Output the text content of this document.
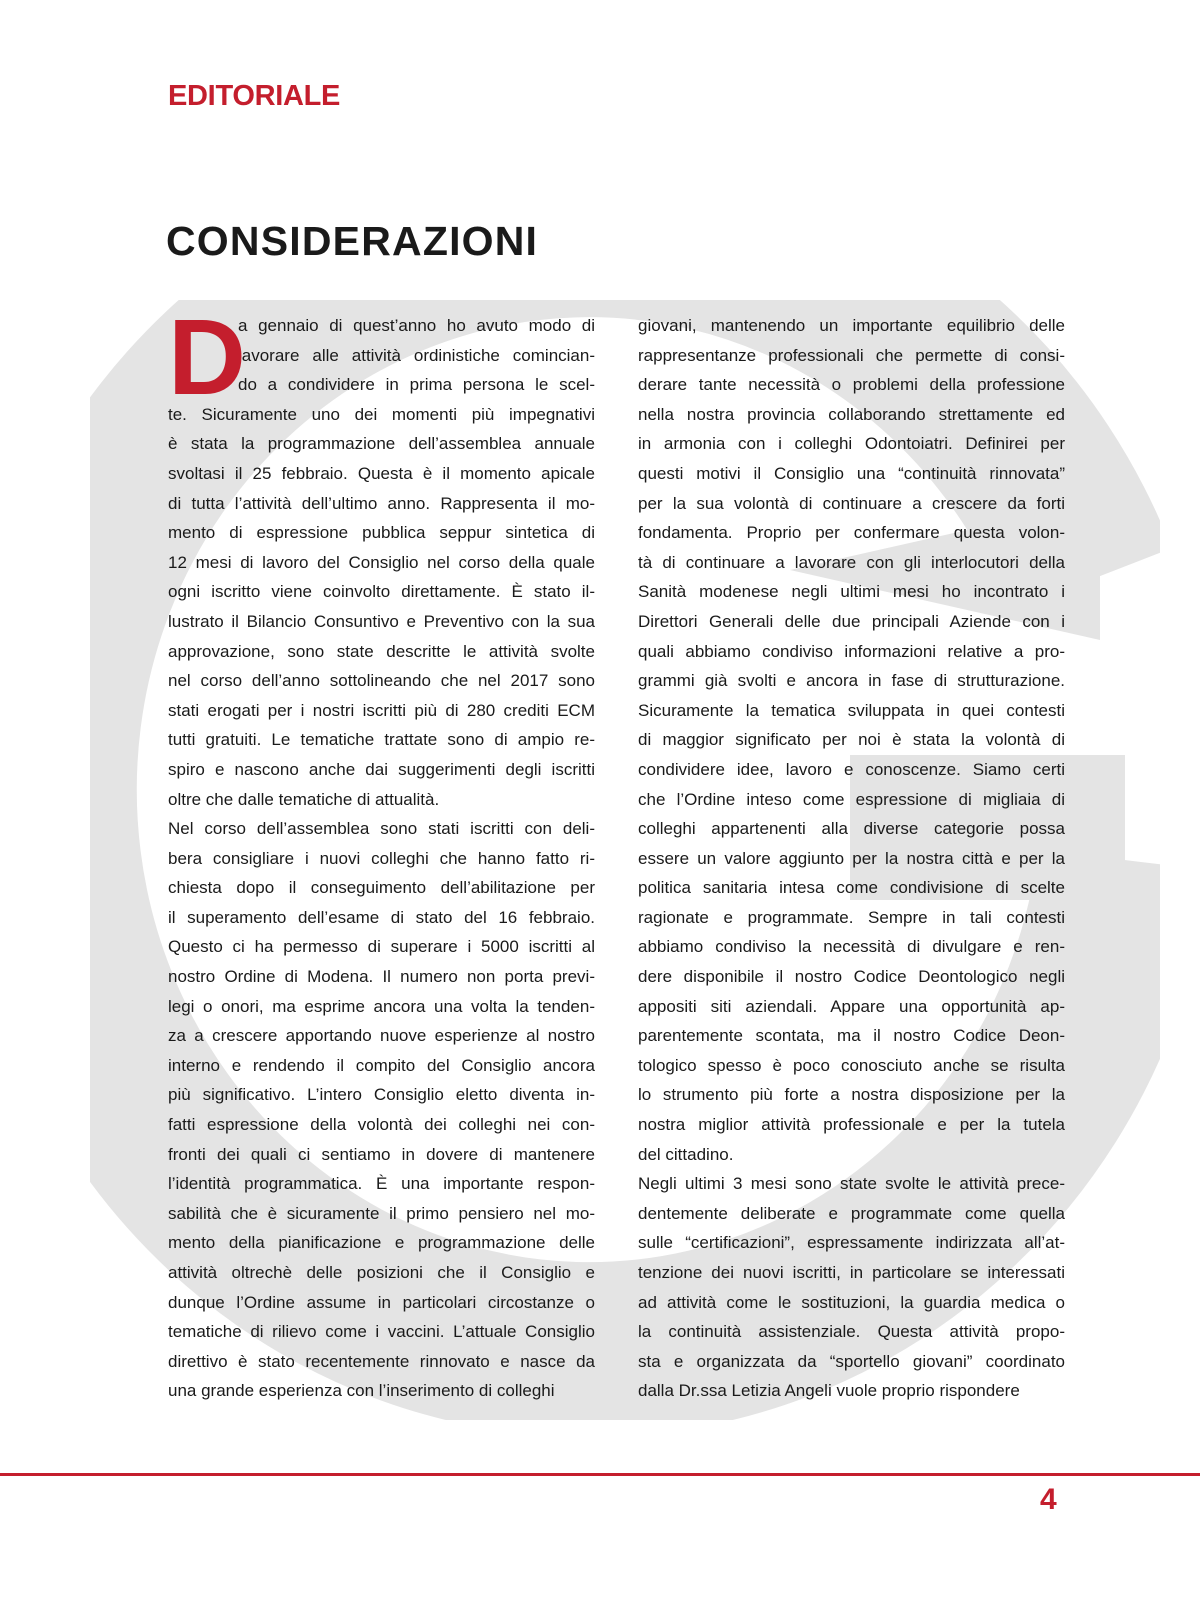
EDITORIALE
CONSIDERAZIONI
D
a gennaio di quest’anno ho avuto modo di
lavorare alle attività ordinistiche comincian-
do a condividere in prima persona le scel-
te. Sicuramente uno dei momenti più impegnativi
è stata la programmazione dell’assemblea annuale
svoltasi il 25 febbraio. Questa è il momento apicale
di tutta l’attività dell’ultimo anno. Rappresenta il mo-
mento di espressione pubblica seppur sintetica di
12 mesi di lavoro del Consiglio nel corso della quale
ogni iscritto viene coinvolto direttamente. È stato il-
lustrato il Bilancio Consuntivo e Preventivo con la sua
approvazione, sono state descritte le attività svolte
nel corso dell’anno sottolineando che nel 2017 sono
stati erogati per i nostri iscritti più di 280 crediti ECM
tutti gratuiti. Le tematiche trattate sono di ampio re-
spiro e nascono anche dai suggerimenti degli iscritti
oltre che dalle tematiche di attualità.
Nel corso dell’assemblea sono stati iscritti con deli-
bera consigliare i nuovi colleghi che hanno fatto ri-
chiesta dopo il conseguimento dell’abilitazione per
il superamento dell’esame di stato del 16 febbraio.
Questo ci ha permesso di superare i 5000 iscritti al
nostro Ordine di Modena. Il numero non porta previ-
legi o onori, ma esprime ancora una volta la tenden-
za a crescere apportando nuove esperienze al nostro
interno e rendendo il compito del Consiglio ancora
più significativo. L’intero Consiglio eletto diventa in-
fatti espressione della volontà dei colleghi nei con-
fronti dei quali ci sentiamo in dovere di mantenere
l’identità programmatica. È una importante respon-
sabilità che è sicuramente il primo pensiero nel mo-
mento della pianificazione e programmazione delle
attività oltrechè delle posizioni che il Consiglio e
dunque l’Ordine assume in particolari circostanze o
tematiche di rilievo come i vaccini. L’attuale Consiglio
direttivo è stato recentemente rinnovato e nasce da
una grande esperienza con l’inserimento di colleghi
giovani, mantenendo un importante equilibrio delle
rappresentanze professionali che permette di consi-
derare tante necessità o problemi della professione
nella nostra provincia collaborando strettamente ed
in armonia con i colleghi Odontoiatri. Definirei per
questi motivi il Consiglio una “continuità rinnovata”
per la sua volontà di continuare a crescere da forti
fondamenta. Proprio per confermare questa volon-
tà di continuare a lavorare con gli interlocutori della
Sanità modenese negli ultimi mesi ho incontrato i
Direttori Generali delle due principali Aziende con i
quali abbiamo condiviso informazioni relative a pro-
grammi già svolti e ancora in fase di strutturazione.
Sicuramente la tematica sviluppata in quei contesti
di maggior significato per noi è stata la volontà di
condividere idee, lavoro e conoscenze. Siamo certi
che l’Ordine inteso come espressione di migliaia di
colleghi appartenenti alla diverse categorie possa
essere un valore aggiunto per la nostra città e per la
politica sanitaria intesa come condivisione di scelte
ragionate e programmate. Sempre in tali contesti
abbiamo condiviso la necessità di divulgare e ren-
dere disponibile il nostro Codice Deontologico negli
appositi siti aziendali. Appare una opportunità ap-
parentemente scontata, ma il nostro Codice Deon-
tologico spesso è poco conosciuto anche se risulta
lo strumento più forte a nostra disposizione per la
nostra miglior attività professionale e per la tutela
del cittadino.
Negli ultimi 3 mesi sono state svolte le attività prece-
dentemente deliberate e programmate come quella
sulle “certificazioni”, espressamente indirizzata all’at-
tenzione dei nuovi iscritti, in particolare se interessati
ad attività come le sostituzioni, la guardia medica o
la continuità assistenziale. Questa attività propo-
sta e organizzata da “sportello giovani” coordinato
dalla Dr.ssa Letizia Angeli vuole proprio rispondere

4
